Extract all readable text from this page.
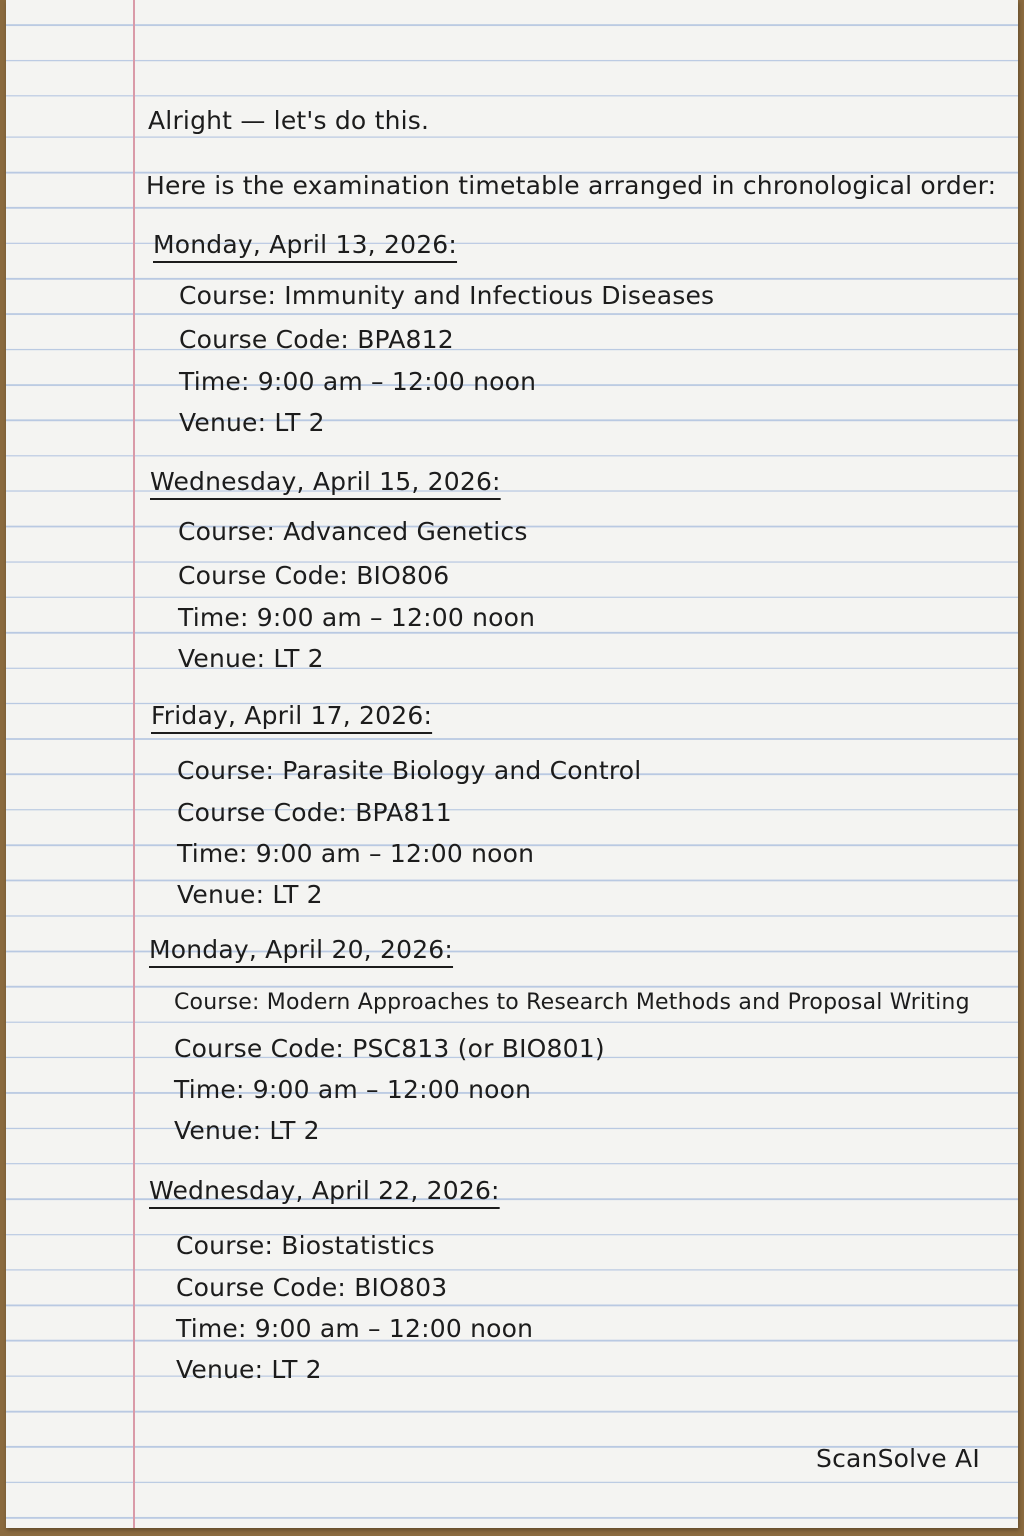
Alright — let's do this.
Here is the examination timetable arranged in chronological order:
Monday, April 13, 2026:
Course: Immunity and Infectious Diseases
Course Code: BPA812
Time: 9:00 am – 12:00 noon
Venue: LT 2
Wednesday, April 15, 2026:
Course: Advanced Genetics
Course Code: BIO806
Time: 9:00 am – 12:00 noon
Venue: LT 2
Friday, April 17, 2026:
Course: Parasite Biology and Control
Course Code: BPA811
Time: 9:00 am – 12:00 noon
Venue: LT 2
Monday, April 20, 2026:
Course: Modern Approaches to Research Methods and Proposal Writing
Course Code: PSC813 (or BIO801)
Time: 9:00 am – 12:00 noon
Venue: LT 2
Wednesday, April 22, 2026:
Course: Biostatistics
Course Code: BIO803
Time: 9:00 am – 12:00 noon
Venue: LT 2
ScanSolve AI
